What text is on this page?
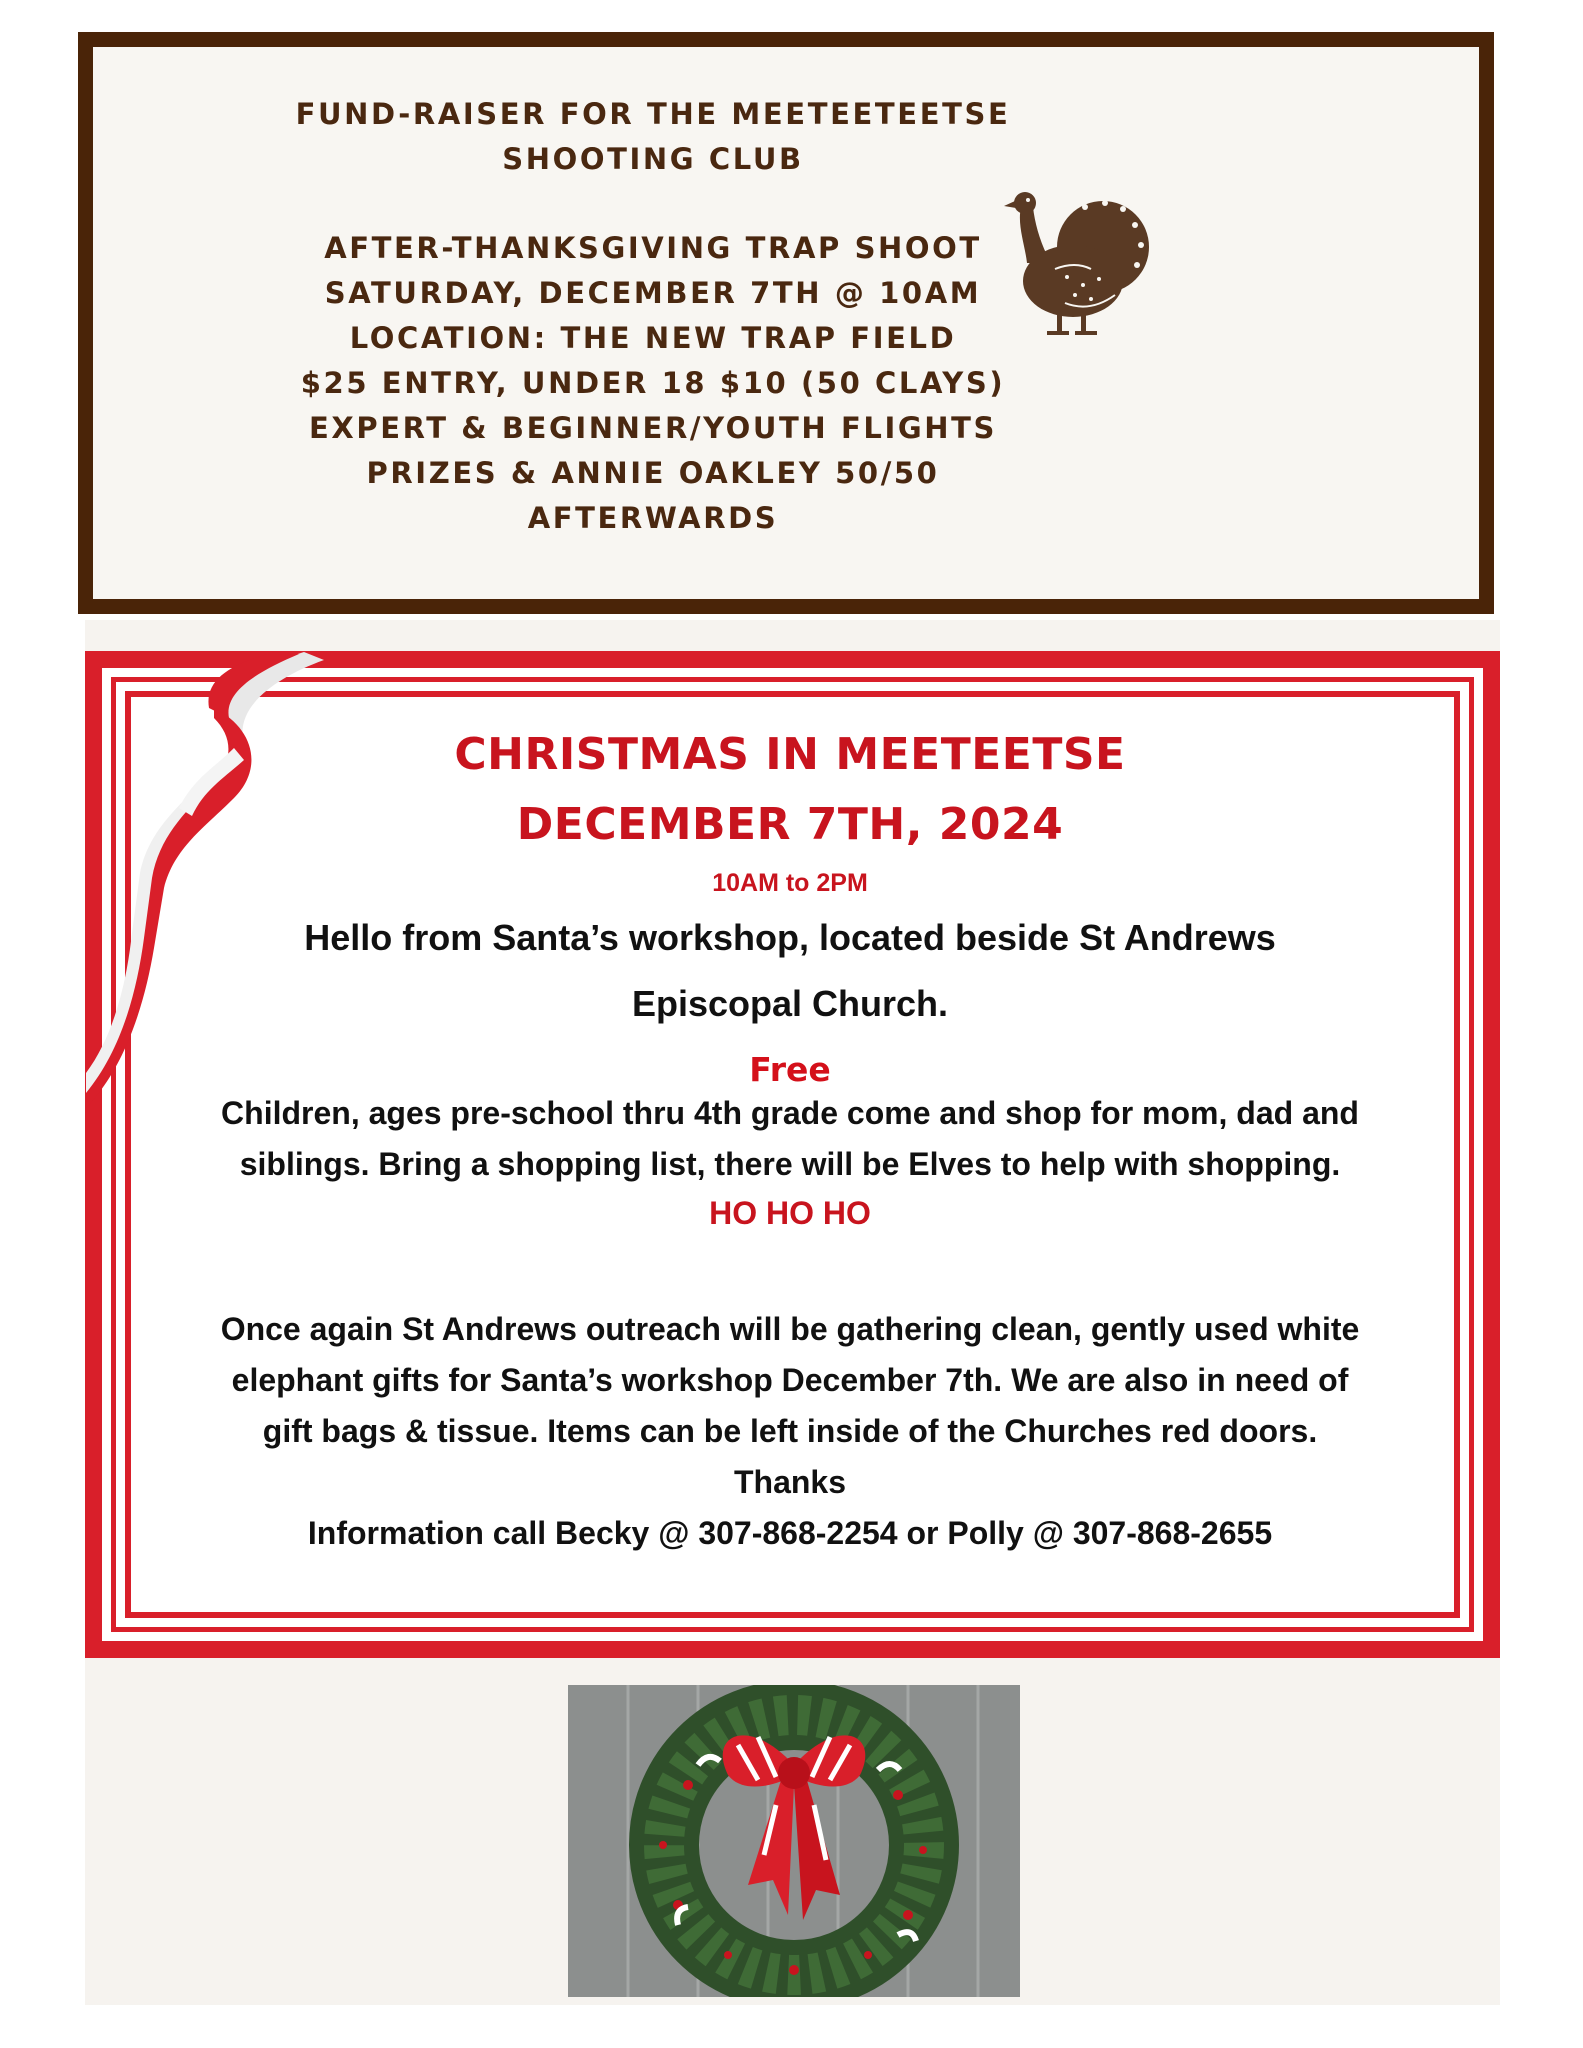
FUND-RAISER FOR THE MEETEETEETSE
SHOOTING CLUB
AFTER-THANKSGIVING TRAP SHOOT
SATURDAY, DECEMBER 7TH @ 10AM
LOCATION: THE NEW TRAP FIELD
$25 ENTRY, UNDER 18 $10 (50 CLAYS)
EXPERT & BEGINNER/YOUTH FLIGHTS
PRIZES & ANNIE OAKLEY 50/50
AFTERWARDS
CHRISTMAS IN MEETEETSE
DECEMBER 7TH, 2024
10AM to 2PM
Hello from Santa’s workshop, located beside St Andrews
Episcopal Church.
Free
Children, ages pre-school thru 4th grade come and shop for mom, dad and
siblings. Bring a shopping list, there will be Elves to help with shopping.
HO HO HO
Once again St Andrews outreach will be gathering clean, gently used white
elephant gifts for Santa’s workshop December 7th. We are also in need of
gift bags & tissue. Items can be left inside of the Churches red doors.
Thanks
Information call Becky @ 307-868-2254 or Polly @ 307-868-2655
